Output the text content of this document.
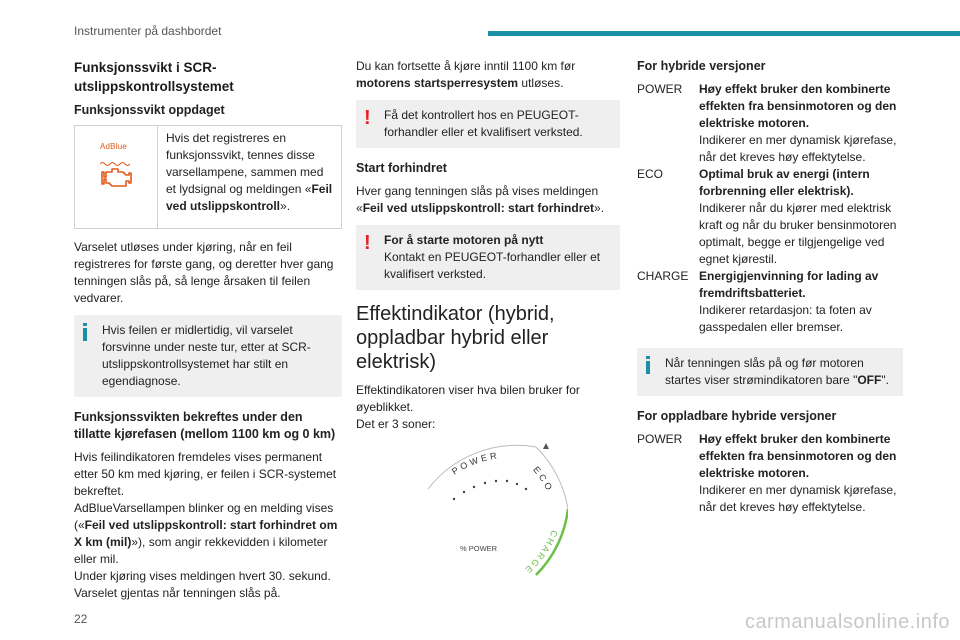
Instrumenter på dashbordet
Funksjonssvikt i SCR-utslippskontrollsystemet
Funksjonssvikt oppdaget
AdBlue
Hvis det registreres en funksjonssvikt, tennes disse varsellampene, sammen med et lydsignal og meldingen «Feil ved utslippskontroll».

Varselet utløses under kjøring, når en feil registreres for første gang, og deretter hver gang tenningen slås på, så lenge årsaken til feilen vedvarer.

Hvis feilen er midlertidig, vil varselet forsvinne under neste tur, etter at SCR-utslippskontrollsystemet har stilt en egendiagnose.
Funksjonssvikten bekreftes under den tillatte kjørefasen (mellom 1100 km og 0 km)

Hvis feilindikatoren fremdeles vises permanent etter 50 km med kjøring, er feilen i SCR-systemet bekreftet.

AdBlueVarsellampen blinker og en melding vises («Feil ved utslippskontroll: start forhindret om X km (mil)»), som angir rekkevidden i kilometer eller mil.

Under kjøring vises meldingen hvert 30. sekund.

Varselet gjentas når tenningen slås på.

Du kan fortsette å kjøre inntil 1100 km før motorens startsperresystem utløses.

!	Få det kontrollert hos en PEUGEOT-forhandler eller et kvalifisert verksted.
Start forhindret

Hver gang tenningen slås på vises meldingen «Feil ved utslippskontroll: start forhindret».

!	For å starte motoren på nytt
Kontakt en PEUGEOT-forhandler eller et kvalifisert verksted.
Effektindikator (hybrid, oppladbar hybrid eller elektrisk)

Effektindikatoren viser hva bilen bruker for øyeblikket.

Det er 3 soner:

POWER
ECO
CHARGE
% POWER
For hybride versjoner
POWER	Høy effekt bruker den kombinerte effekten fra bensinmotoren og den elektriske motoren.
Indikerer en mer dynamisk kjørefase, når det kreves høy effektytelse.
ECO	Optimal bruk av energi (intern forbrenning eller elektrisk).
Indikerer når du kjører med elektrisk kraft og når du bruker bensinmotoren optimalt, begge er tilgjengelige ved egnet kjørestil.
CHARGE Energigjenvinning for lading av fremdriftsbatteriet.
Indikerer retardasjon: ta foten av gasspedalen eller bremser.
Når tenningen slås på og før motoren startes viser strømindikatoren bare "OFF".
For oppladbare hybride versjoner
POWER	Høy effekt bruker den kombinerte effekten fra bensinmotoren og den elektriske motoren.
Indikerer en mer dynamisk kjørefase, når det kreves høy effektytelse.
22	carmanualsonline.info
